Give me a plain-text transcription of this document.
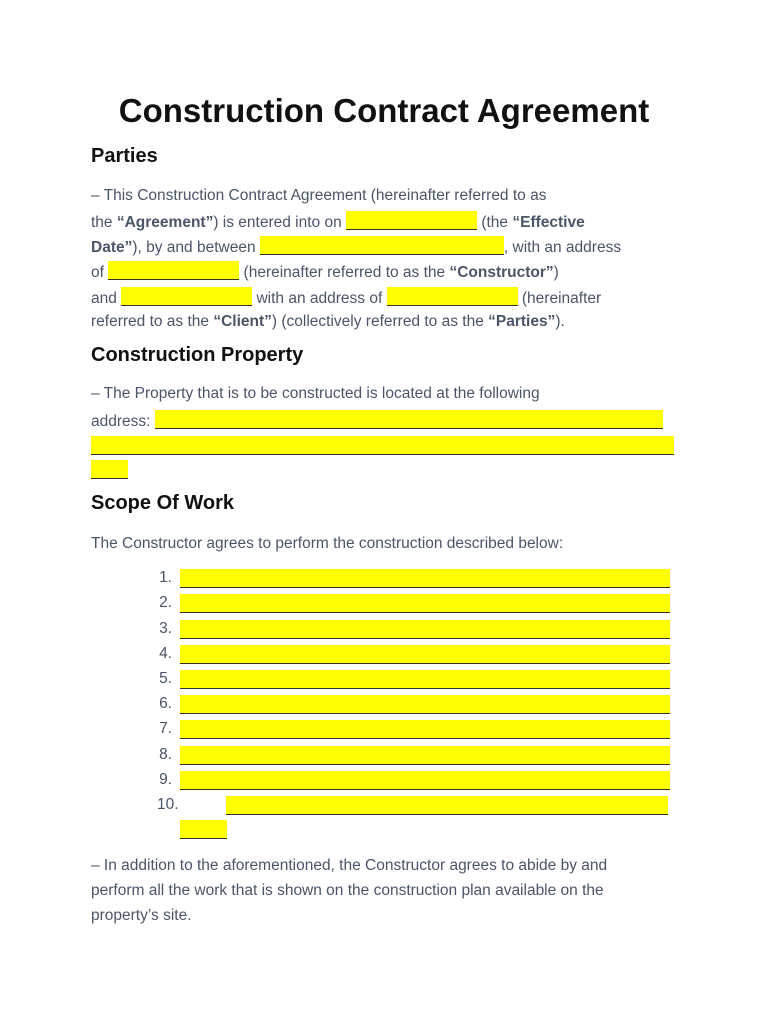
Construction Contract Agreement
Parties
– This Construction Contract Agreement (hereinafter referred to as
the “Agreement”) is entered into on	(the “Effective
Date”), by and between	, with an address
of	(hereinafter referred to as the “Constructor”)
and	with an address of	(hereinafter
referred to as the “Client”) (collectively referred to as the “Parties”).
Construction Property
– The Property that is to be constructed is located at the following
address:
Scope Of Work
The Constructor agrees to perform the construction described below:
1.
2.
3.
4.
5.
6.
7.
8.
9.
10.
– In addition to the aforementioned, the Constructor agrees to abide by and
perform all the work that is shown on the construction plan available on the
property’s site.
